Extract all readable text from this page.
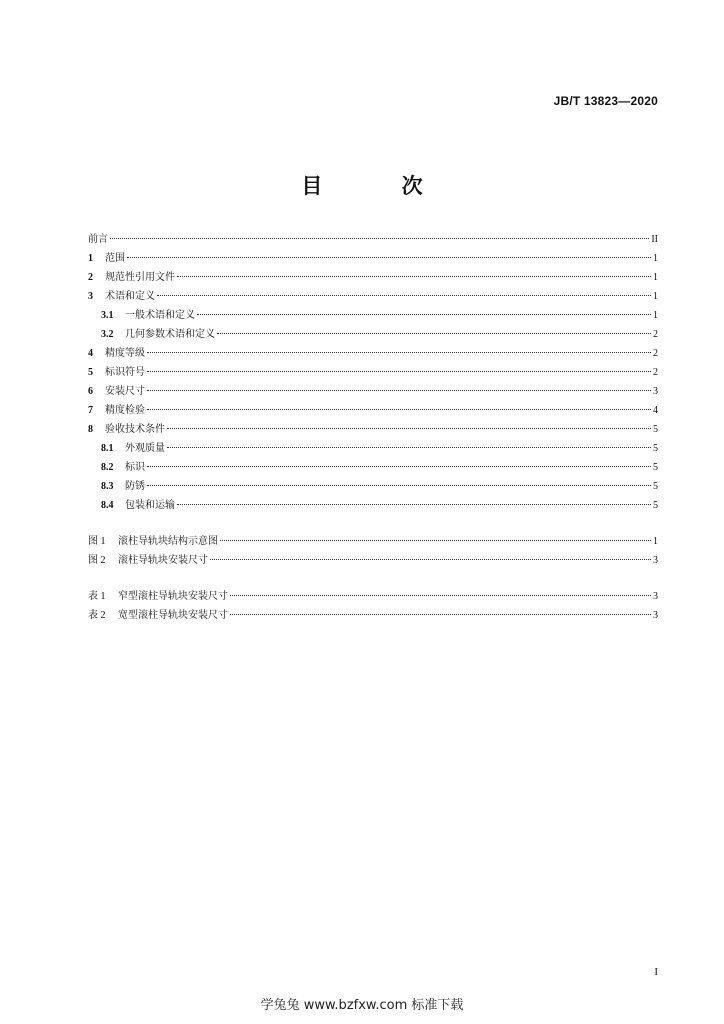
JB/T 13823—2020
目 次
前言	II
1	范围	1
2	规范性引用文件	1
3	术语和定义	1
3.1	一般术语和定义	1
3.2	几何参数术语和定义	2
4	精度等级	2
5	标识符号	2
6	安装尺寸	3
7	精度检验	4
8	验收技术条件	5
8.1	外观质量	5
8.2	标识	5
8.3	防锈	5
8.4	包装和运输	5
图 1	滚柱导轨块结构示意图	1
图 2	滚柱导轨块安装尺寸	3
表 1	窄型滚柱导轨块安装尺寸	3
表 2	宽型滚柱导轨块安装尺寸	3
I
学兔兔 www.bzfxw.com 标准下载
